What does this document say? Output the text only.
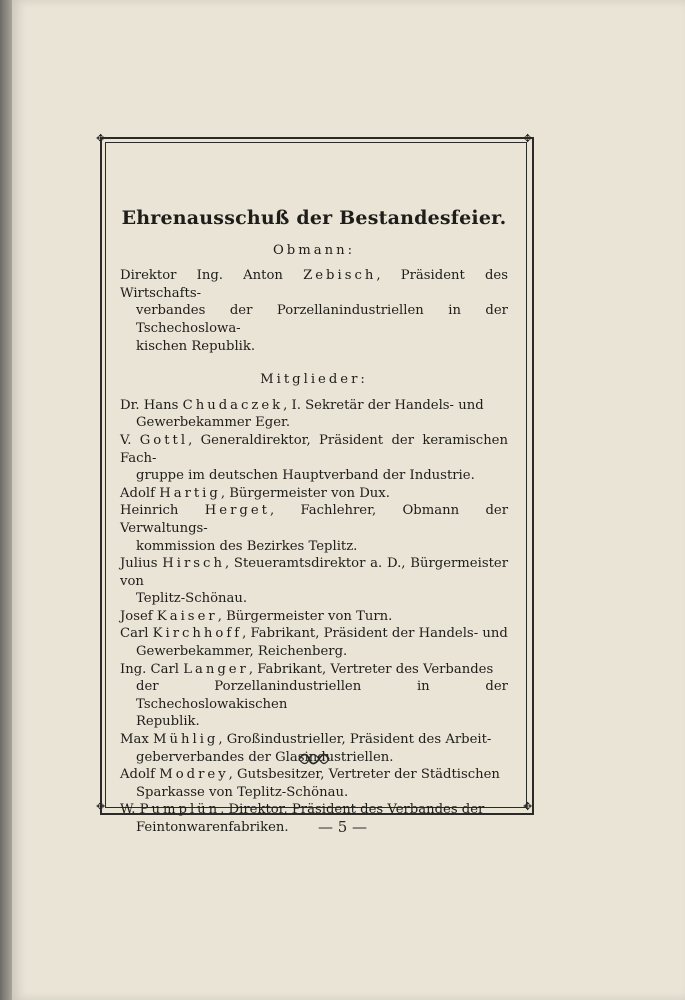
✥	✥
✥	✥
Ehrenausschuß der Bestandesfeier.
Obmann:
Direktor Ing. Anton Zebisch, Präsident des Wirtschafts-
verbandes der Porzellanindustriellen in der Tschechoslowa-
kischen Republik.
Mitglieder:
Dr. Hans Chudaczek, I. Sekretär der Handels- und
Gewerbekammer Eger.
V. Gottl, Generaldirektor, Präsident der keramischen Fach-
gruppe im deutschen Hauptverband der Industrie.
Adolf Hartig, Bürgermeister von Dux.
Heinrich Herget, Fachlehrer, Obmann der Verwaltungs-
kommission des Bezirkes Teplitz.
Julius Hirsch, Steueramtsdirektor a. D., Bürgermeister von
Teplitz-Schönau.
Josef Kaiser, Bürgermeister von Turn.
Carl Kirchhoff, Fabrikant, Präsident der Handels- und
Gewerbekammer, Reichenberg.
Ing. Carl Langer, Fabrikant, Vertreter des Verbandes
der Porzellanindustriellen in der Tschechoslowakischen
Republik.
Max Mühlig, Großindustrieller, Präsident des Arbeit-
geberverbandes der Glasindustriellen.
Adolf Modrey, Gutsbesitzer, Vertreter der Städtischen
Sparkasse von Teplitz-Schönau.
W. Pumplün, Direktor, Präsident des Verbandes der
Feintonwarenfabriken.	— 5 —
